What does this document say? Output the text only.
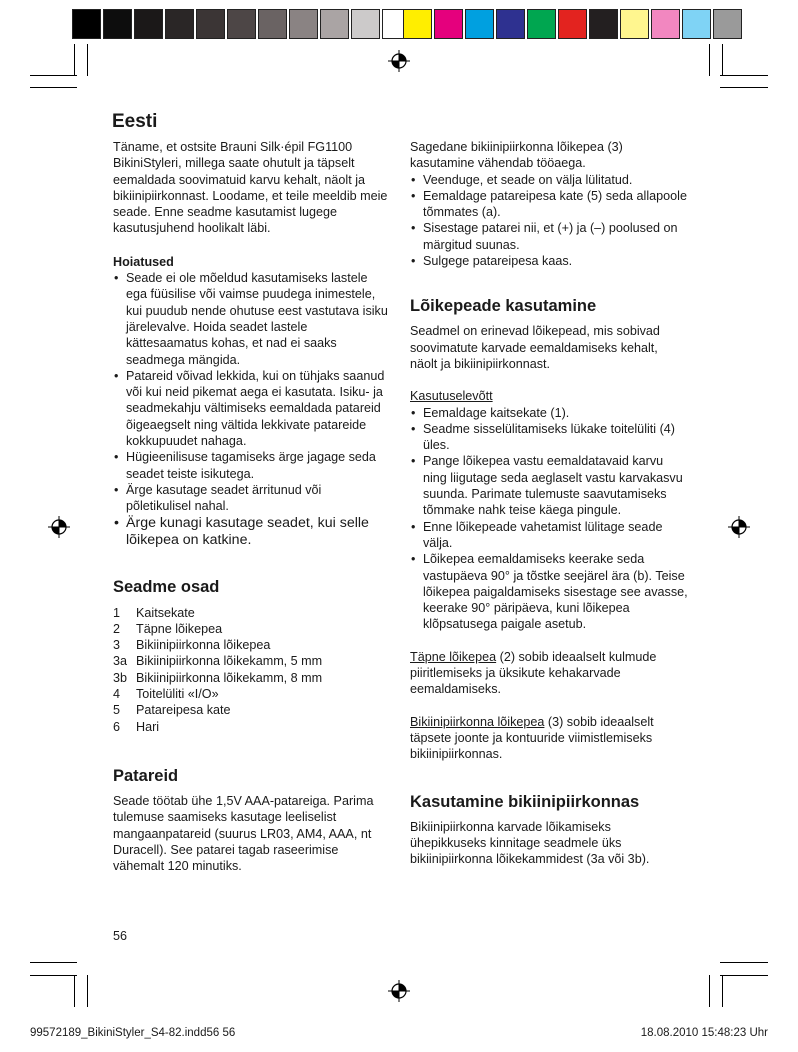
Eesti

Täname, et ostsite Brauni Silk·épil FG1100 BikiniStyleri, millega saate ohutult ja täpselt eemaldada soovimatuid karvu kehalt, näolt ja bikiinipiirkonnast. Loodame, et teile meeldib meie seade. Enne seadme kasutamist lugege kasutusjuhend hoolikalt läbi.

Hoiatused
• Seade ei ole mõeldud kasutamiseks lastele ega füüsilise või vaimse puudega inimestele, kui puudub nende ohutuse eest vastutava isiku järelevalve. Hoida seadet lastele kättesaamatus kohas, et nad ei saaks seadmega mängida.
• Patareid võivad lekkida, kui on tühjaks saanud või kui neid pikemat aega ei kasutata. Isiku- ja seadmekahju vältimiseks eemaldada patareid õigeaegselt ning vältida lekkivate patareide kokkupuudet nahaga.
• Hügieenilisuse tagamiseks ärge jagage seda seadet teiste isikutega.
• Ärge kasutage seadet ärritunud või põletikulisel nahal.
• Ärge kunagi kasutage seadet, kui selle lõikepea on katkine.
Seadme osad
1	Kaitsekate
2	Täpne lõikepea
3	Bikiinipiirkonna lõikepea
3a Bikiinipiirkonna lõikekamm, 5 mm
3b Bikiinipiirkonna lõikekamm, 8 mm
4	Toitelüliti «I/O»
5	Patareipesa kate
6	Hari
Patareid

Seade töötab ühe 1,5V AAA-patareiga. Parima tulemuse saamiseks kasutage leeliselist mangaanpatareid (suurus LR03, AM4, AAA, nt Duracell). See patarei tagab raseerimise vähemalt 120 minutiks.

56

Sagedane bikiinipiirkonna lõikepea (3) kasutamine vähendab tööaega.

• Veenduge, et seade on välja lülitatud.
• Eemaldage patareipesa kate (5) seda allapoole tõmmates (a).
• Sisestage patarei nii, et (+) ja (–) poolused on märgitud suunas.
• Sulgege patareipesa kaas.
Lõikepeade kasutamine

Seadmel on erinevad lõikepead, mis sobivad soovimatute karvade eemaldamiseks kehalt, näolt ja bikiinipiirkonnast.

Kasutuselevõtt
• Eemaldage kaitsekate (1).
• Seadme sisselülitamiseks lükake toitelüliti (4) üles.
• Pange lõikepea vastu eemaldatavaid karvu ning liigutage seda aeglaselt vastu karvakasvu suunda. Parimate tulemuste saavutamiseks tõmmake nahk teise käega pingule.
• Enne lõikepeade vahetamist lülitage seade välja.
• Lõikepea eemaldamiseks keerake seda vastupäeva 90° ja tõstke seejärel ära (b). Teise lõikepea paigaldamiseks sisestage see avasse, keerake 90° päripäeva, kuni lõikepea klõpsatusega paigale asetub.

Täpne lõikepea (2) sobib ideaalselt kulmude piiritlemiseks ja üksikute kehakarvade eemaldamiseks.

Bikiinipiirkonna lõikepea (3) sobib ideaalselt täpsete joonte ja kontuuride viimistlemiseks bikiinipiirkonnas.

Kasutamine bikiinipiirkonnas

Bikiinipiirkonna karvade lõikamiseks ühepikkuseks kinnitage seadmele üks bikiinipiirkonna lõikekammidest (3a või 3b).

99572189_BikiniStyler_S4-82.indd56 56	18.08.2010 15:48:23 Uhr
